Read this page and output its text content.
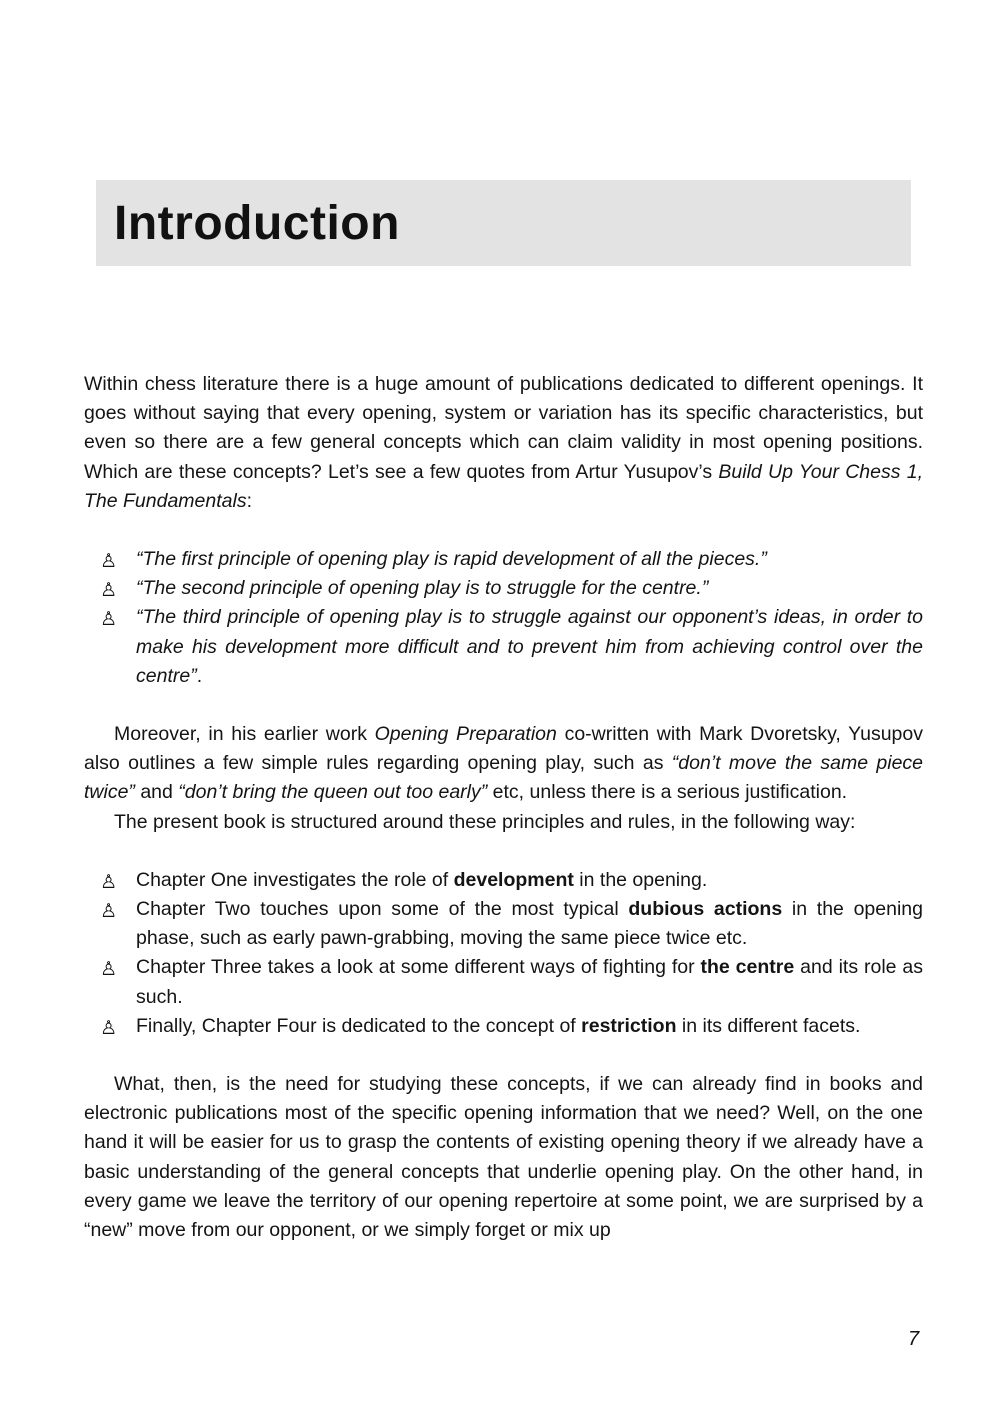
Introduction

Within chess literature there is a huge amount of publications dedicated to different openings. It goes without saying that every opening, system or variation has its specific characteristics, but even so there are a few general concepts which can claim validity in most opening positions. Which are these concepts? Let’s see a few quotes from Artur Yusupov’s Build Up Your Chess 1, The Fundamentals:

♙ “The first principle of opening play is rapid development of all the pieces.”
♙ “The second principle of opening play is to struggle for the centre.”
♙ “The third principle of opening play is to struggle against our opponent’s ideas, in order to make his development more difficult and to prevent him from achieving control over the centre”.

Moreover, in his earlier work Opening Preparation co-written with Mark Dvoretsky, Yusupov also outlines a few simple rules regarding opening play, such as “don’t move the same piece twice” and “don’t bring the queen out too early” etc, unless there is a serious justification.

The present book is structured around these principles and rules, in the following way:

♙ Chapter One investigates the role of development in the opening.
♙ Chapter Two touches upon some of the most typical dubious actions in the opening phase, such as early pawn-grabbing, moving the same piece twice etc.
♙ Chapter Three takes a look at some different ways of fighting for the centre and its role as such.
♙ Finally, Chapter Four is dedicated to the concept of restriction in its different facets.

What, then, is the need for studying these concepts, if we can already find in books and electronic publications most of the specific opening information that we need? Well, on the one hand it will be easier for us to grasp the contents of existing opening theory if we already have a basic understanding of the general concepts that underlie opening play. On the other hand, in every game we leave the territory of our opening repertoire at some point, we are surprised by a “new” move from our opponent, or we simply forget or mix up

7
